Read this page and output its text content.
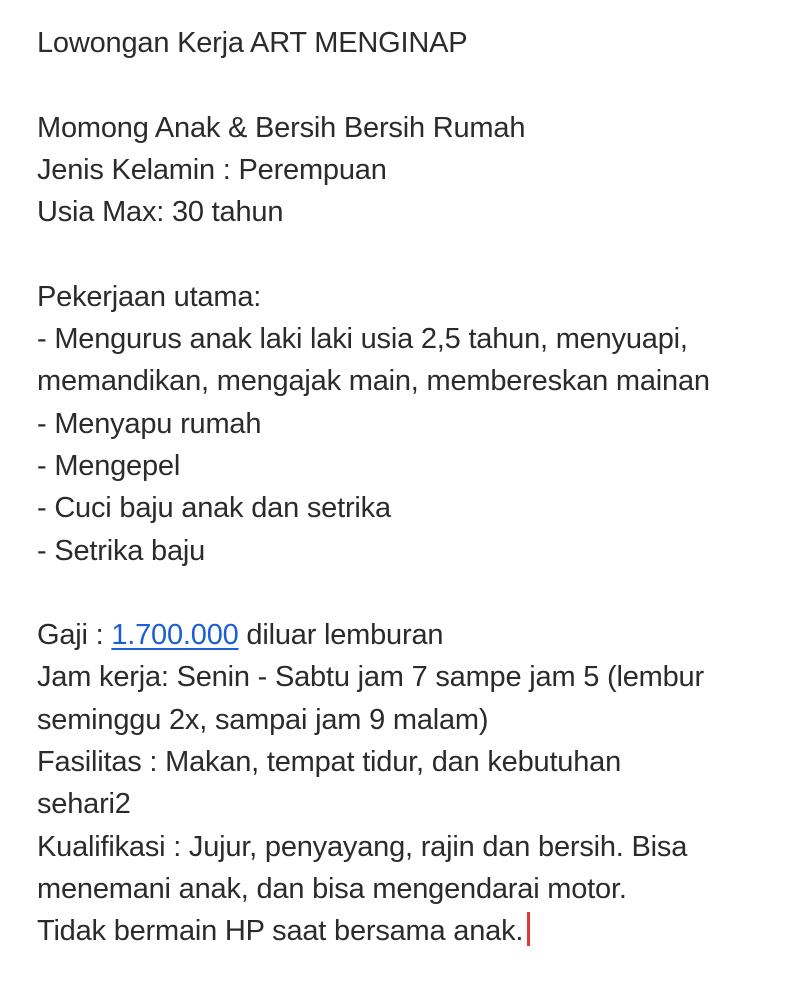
Lowongan Kerja ART MENGINAP
Momong Anak & Bersih Bersih Rumah
Jenis Kelamin : Perempuan
Usia Max: 30 tahun
Pekerjaan utama:
- Mengurus anak laki laki usia 2,5 tahun, menyuapi,
memandikan, mengajak main, membereskan mainan
- Menyapu rumah
- Mengepel
- Cuci baju anak dan setrika
- Setrika baju
Gaji : 1.700.000 diluar lemburan
Jam kerja: Senin - Sabtu jam 7 sampe jam 5 (lembur
seminggu 2x, sampai jam 9 malam)
Fasilitas : Makan, tempat tidur, dan kebutuhan
sehari2
Kualifikasi : Jujur, penyayang, rajin dan bersih. Bisa
menemani anak, dan bisa mengendarai motor.
Tidak bermain HP saat bersama anak.
